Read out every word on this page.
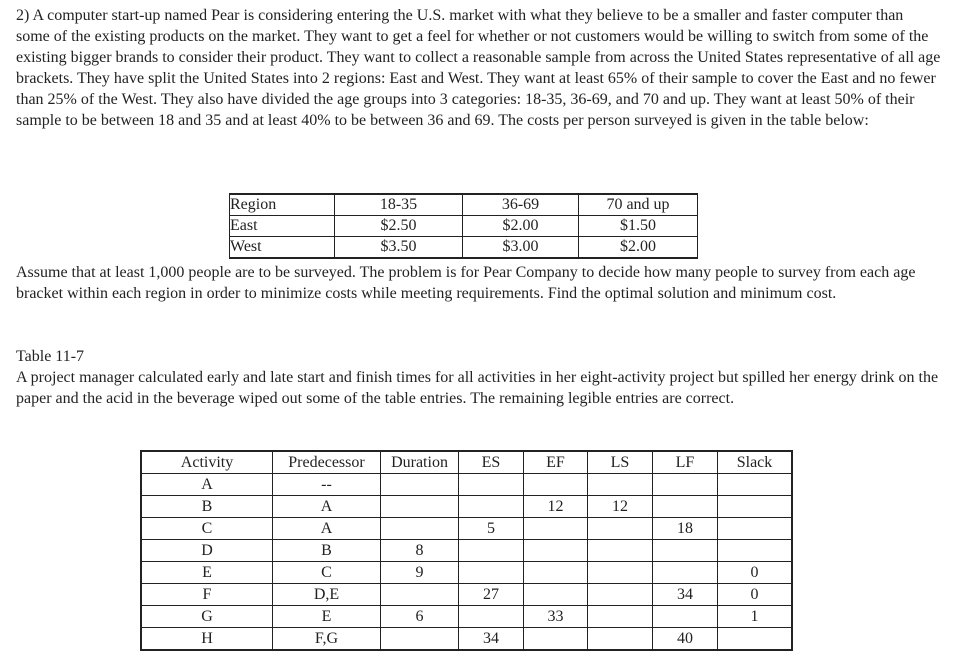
2) A computer start-up named Pear is considering entering the U.S. market with what they believe to be a smaller and faster computer than some of the existing products on the market. They want to get a feel for whether or not customers would be willing to switch from some of the existing bigger brands to consider their product. They want to collect a reasonable sample from across the United States representative of all age brackets. They have split the United States into 2 regions: East and West. They want at least 65% of their sample to cover the East and no fewer than 25% of the West. They also have divided the age groups into 3 categories: 18-35, 36-69, and 70 and up. They want at least 50% of their sample to be between 18 and 35 and at least 40% to be between 36 and 69. The costs per person surveyed is given in the table below:

Region	18-35	36-69	70 and up
East	$2.50	$2.00	$1.50
West	$3.50	$3.00	$2.00

Assume that at least 1,000 people are to be surveyed. The problem is for Pear Company to decide how many people to survey from each age bracket within each region in order to minimize costs while meeting requirements. Find the optimal solution and minimum cost.

Table 11-7

A project manager calculated early and late start and finish times for all activities in her eight-activity project but spilled her energy drink on the paper and the acid in the beverage wiped out some of the table entries. The remaining legible entries are correct.

Activity	Predecessor	Duration	ES	EF	LS	LF	Slack
A	--						
B	A			12	12		
C	A		5			18	
D	B	8					
E	C	9					0
F	D,E		27			34	0
G	E	6		33			1
H	F,G		34			40	
